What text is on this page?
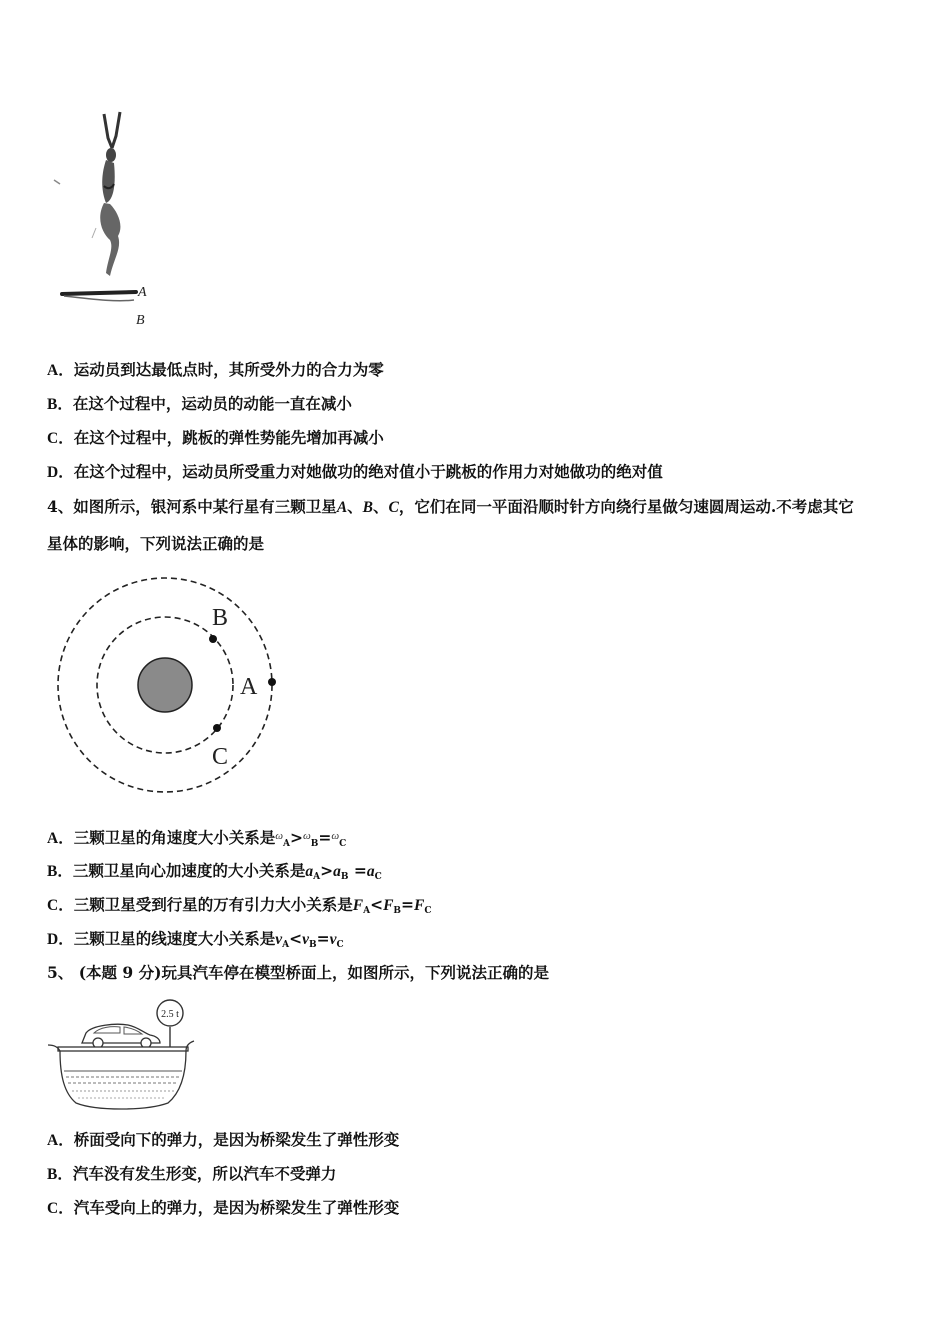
A
B
A．运动员到达最低点时，其所受外力的合力为零
B．在这个过程中，运动员的动能一直在减小
C．在这个过程中，跳板的弹性势能先增加再减小
D．在这个过程中，运动员所受重力对她做功的绝对值小于跳板的作用力对她做功的绝对值
4、如图所示，银河系中某行星有三颗卫星A、B、C，它们在同一平面沿顺时针方向绕行星做匀速圆周运动.不考虑其它
星体的影响，下列说法正确的是
B
A
C
A．三颗卫星的角速度大小关系是$^\omega_A$>$^\omega_B$=$^\omega_C$
B．三颗卫星向心加速度的大小关系是$a_A>a_B =a_C$
C．三颗卫星受到行星的万有引力大小关系是$F_A<F_B=F_C$
D．三颗卫星的线速度大小关系是$v_A<v_B=v_C$
5、 (本题 9 分)玩具汽车停在模型桥面上，如图所示，下列说法正确的是
2.5 t
A．桥面受向下的弹力，是因为桥梁发生了弹性形变
B．汽车没有发生形变，所以汽车不受弹力
C．汽车受向上的弹力，是因为桥梁发生了弹性形变
